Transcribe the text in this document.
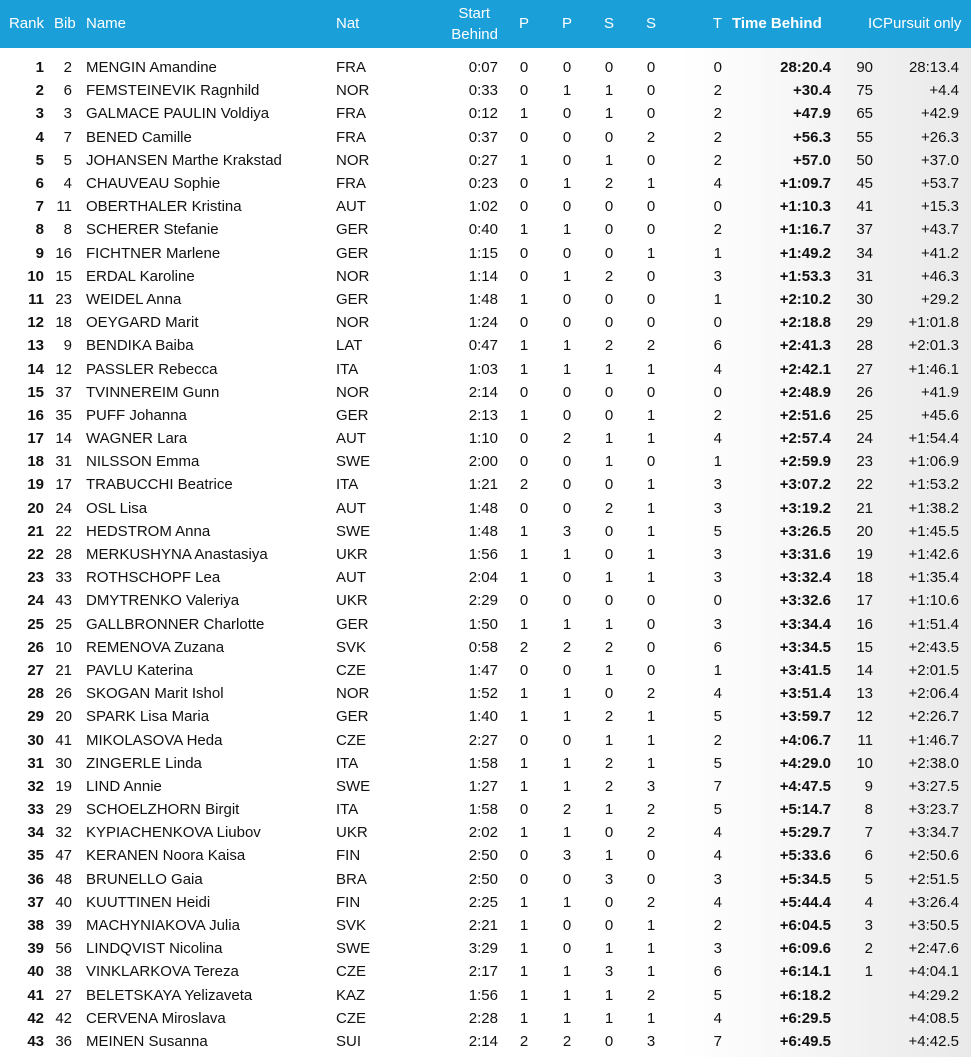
Rank	Bib	Name	Nat	Start
Behind	P	P	S	S	T	Time Behind	IC	Pursuit only

1	2	MENGIN Amandine	FRA	0:07	0	0	0	0	0	28:20.4	90	28:13.4
2	6	FEMSTEINEVIK Ragnhild	NOR	0:33	0	1	1	0	2	+30.4	75	+4.4
3	3	GALMACE PAULIN Voldiya	FRA	0:12	1	0	1	0	2	+47.9	65	+42.9
4	7	BENED Camille	FRA	0:37	0	0	0	2	2	+56.3	55	+26.3
5	5	JOHANSEN Marthe Krakstad	NOR	0:27	1	0	1	0	2	+57.0	50	+37.0
6	4	CHAUVEAU Sophie	FRA	0:23	0	1	2	1	4	+1:09.7	45	+53.7
7	11	OBERTHALER Kristina	AUT	1:02	0	0	0	0	0	+1:10.3	41	+15.3
8	8	SCHERER Stefanie	GER	0:40	1	1	0	0	2	+1:16.7	37	+43.7
9	16	FICHTNER Marlene	GER	1:15	0	0	0	1	1	+1:49.2	34	+41.2
10	15	ERDAL Karoline	NOR	1:14	0	1	2	0	3	+1:53.3	31	+46.3
11	23	WEIDEL Anna	GER	1:48	1	0	0	0	1	+2:10.2	30	+29.2
12	18	OEYGARD Marit	NOR	1:24	0	0	0	0	0	+2:18.8	29	+1:01.8
13	9	BENDIKA Baiba	LAT	0:47	1	1	2	2	6	+2:41.3	28	+2:01.3
14	12	PASSLER Rebecca	ITA	1:03	1	1	1	1	4	+2:42.1	27	+1:46.1
15	37	TVINNEREIM Gunn	NOR	2:14	0	0	0	0	0	+2:48.9	26	+41.9
16	35	PUFF Johanna	GER	2:13	1	0	0	1	2	+2:51.6	25	+45.6
17	14	WAGNER Lara	AUT	1:10	0	2	1	1	4	+2:57.4	24	+1:54.4
18	31	NILSSON Emma	SWE	2:00	0	0	1	0	1	+2:59.9	23	+1:06.9
19	17	TRABUCCHI Beatrice	ITA	1:21	2	0	0	1	3	+3:07.2	22	+1:53.2
20	24	OSL Lisa	AUT	1:48	0	0	2	1	3	+3:19.2	21	+1:38.2
21	22	HEDSTROM Anna	SWE	1:48	1	3	0	1	5	+3:26.5	20	+1:45.5
22	28	MERKUSHYNA Anastasiya	UKR	1:56	1	1	0	1	3	+3:31.6	19	+1:42.6
23	33	ROTHSCHOPF Lea	AUT	2:04	1	0	1	1	3	+3:32.4	18	+1:35.4
24	43	DMYTRENKO Valeriya	UKR	2:29	0	0	0	0	0	+3:32.6	17	+1:10.6
25	25	GALLBRONNER Charlotte	GER	1:50	1	1	1	0	3	+3:34.4	16	+1:51.4
26	10	REMENOVA Zuzana	SVK	0:58	2	2	2	0	6	+3:34.5	15	+2:43.5
27	21	PAVLU Katerina	CZE	1:47	0	0	1	0	1	+3:41.5	14	+2:01.5
28	26	SKOGAN Marit Ishol	NOR	1:52	1	1	0	2	4	+3:51.4	13	+2:06.4
29	20	SPARK Lisa Maria	GER	1:40	1	1	2	1	5	+3:59.7	12	+2:26.7
30	41	MIKOLASOVA Heda	CZE	2:27	0	0	1	1	2	+4:06.7	11	+1:46.7
31	30	ZINGERLE Linda	ITA	1:58	1	1	2	1	5	+4:29.0	10	+2:38.0
32	19	LIND Annie	SWE	1:27	1	1	2	3	7	+4:47.5	9	+3:27.5
33	29	SCHOELZHORN Birgit	ITA	1:58	0	2	1	2	5	+5:14.7	8	+3:23.7
34	32	KYPIACHENKOVA Liubov	UKR	2:02	1	1	0	2	4	+5:29.7	7	+3:34.7
35	47	KERANEN Noora Kaisa	FIN	2:50	0	3	1	0	4	+5:33.6	6	+2:50.6
36	48	BRUNELLO Gaia	BRA	2:50	0	0	3	0	3	+5:34.5	5	+2:51.5
37	40	KUUTTINEN Heidi	FIN	2:25	1	1	0	2	4	+5:44.4	4	+3:26.4
38	39	MACHYNIAKOVA Julia	SVK	2:21	1	0	0	1	2	+6:04.5	3	+3:50.5
39	56	LINDQVIST Nicolina	SWE	3:29	1	0	1	1	3	+6:09.6	2	+2:47.6
40	38	VINKLARKOVA Tereza	CZE	2:17	1	1	3	1	6	+6:14.1	1	+4:04.1
41	27	BELETSKAYA Yelizaveta	KAZ	1:56	1	1	1	2	5	+6:18.2		+4:29.2
42	42	CERVENA Miroslava	CZE	2:28	1	1	1	1	4	+6:29.5		+4:08.5
43	36	MEINEN Susanna	SUI	2:14	2	2	0	3	7	+6:49.5		+4:42.5
